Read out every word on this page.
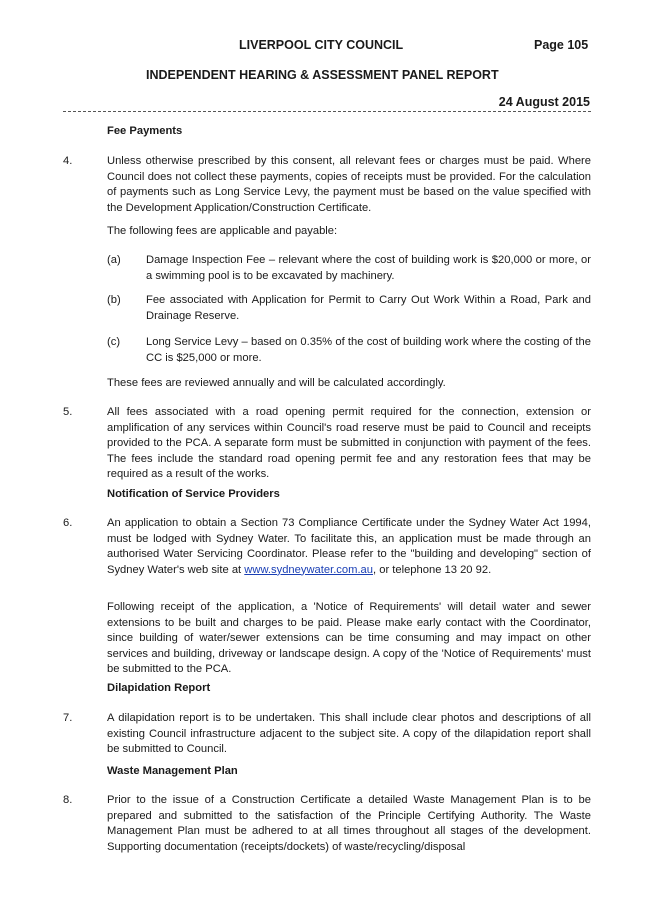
LIVERPOOL CITY COUNCIL	Page 105
INDEPENDENT HEARING & ASSESSMENT PANEL REPORT
24 August 2015
Fee Payments
4.	Unless otherwise prescribed by this consent, all relevant fees or charges must be paid. Where Council does not collect these payments, copies of receipts must be provided. For the calculation of payments such as Long Service Levy, the payment must be based on the value specified with the Development Application/Construction Certificate.
The following fees are applicable and payable:
(a) Damage Inspection Fee – relevant where the cost of building work is $20,000 or more, or a swimming pool is to be excavated by machinery.
(b) Fee associated with Application for Permit to Carry Out Work Within a Road, Park and Drainage Reserve.
(c) Long Service Levy – based on 0.35% of the cost of building work where the costing of the CC is $25,000 or more.
These fees are reviewed annually and will be calculated accordingly.
5.	All fees associated with a road opening permit required for the connection, extension or amplification of any services within Council's road reserve must be paid to Council and receipts provided to the PCA. A separate form must be submitted in conjunction with payment of the fees. The fees include the standard road opening permit fee and any restoration fees that may be required as a result of the works.
Notification of Service Providers
6.	An application to obtain a Section 73 Compliance Certificate under the Sydney Water Act 1994, must be lodged with Sydney Water. To facilitate this, an application must be made through an authorised Water Servicing Coordinator. Please refer to the "building and developing" section of Sydney Water's web site at www.sydneywater.com.au, or telephone 13 20 92.
Following receipt of the application, a 'Notice of Requirements' will detail water and sewer extensions to be built and charges to be paid. Please make early contact with the Coordinator, since building of water/sewer extensions can be time consuming and may impact on other services and building, driveway or landscape design. A copy of the 'Notice of Requirements' must be submitted to the PCA.
Dilapidation Report
7.	A dilapidation report is to be undertaken. This shall include clear photos and descriptions of all existing Council infrastructure adjacent to the subject site. A copy of the dilapidation report shall be submitted to Council.
Waste Management Plan
8.	Prior to the issue of a Construction Certificate a detailed Waste Management Plan is to be prepared and submitted to the satisfaction of the Principle Certifying Authority. The Waste Management Plan must be adhered to at all times throughout all stages of the development. Supporting documentation (receipts/dockets) of waste/recycling/disposal
